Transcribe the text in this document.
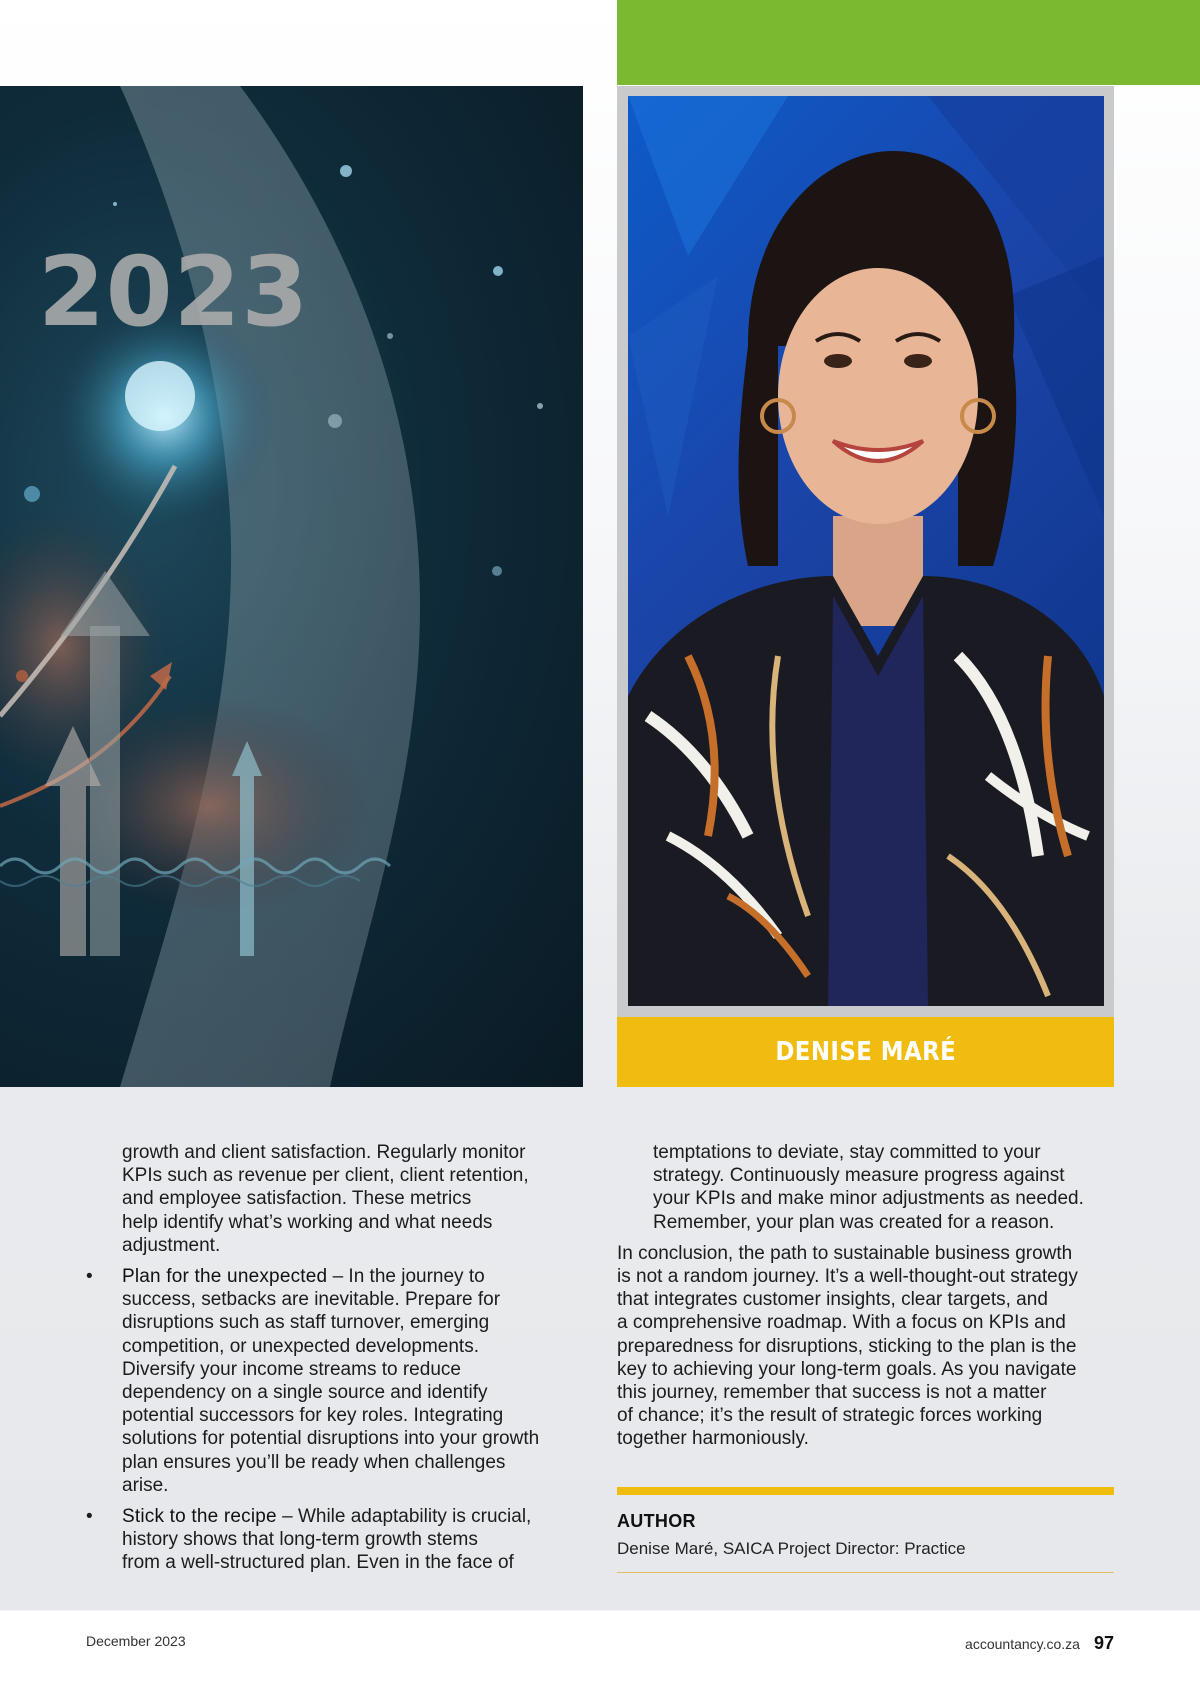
2023
DENISE MARÉ
growth and client satisfaction. Regularly monitor
KPIs such as revenue per client, client retention,
and employee satisfaction. These metrics
help identify what’s working and what needs
adjustment.
• Plan for the unexpected – In the journey to
success, setbacks are inevitable. Prepare for
disruptions such as staff turnover, emerging
competition, or unexpected developments.
Diversify your income streams to reduce
dependency on a single source and identify
potential successors for key roles. Integrating
solutions for potential disruptions into your growth
plan ensures you’ll be ready when challenges
arise.
• Stick to the recipe – While adaptability is crucial,
history shows that long-term growth stems
from a well-structured plan. Even in the face of
temptations to deviate, stay committed to your
strategy. Continuously measure progress against
your KPIs and make minor adjustments as needed.
Remember, your plan was created for a reason.
In conclusion, the path to sustainable business growth
is not a random journey. It’s a well-thought-out strategy
that integrates customer insights, clear targets, and
a comprehensive roadmap. With a focus on KPIs and
preparedness for disruptions, sticking to the plan is the
key to achieving your long-term goals. As you navigate
this journey, remember that success is not a matter
of chance; it’s the result of strategic forces working
together harmoniously.
AUTHOR
Denise Maré, SAICA Project Director: Practice
December 2023	accountancy.co.za 97
